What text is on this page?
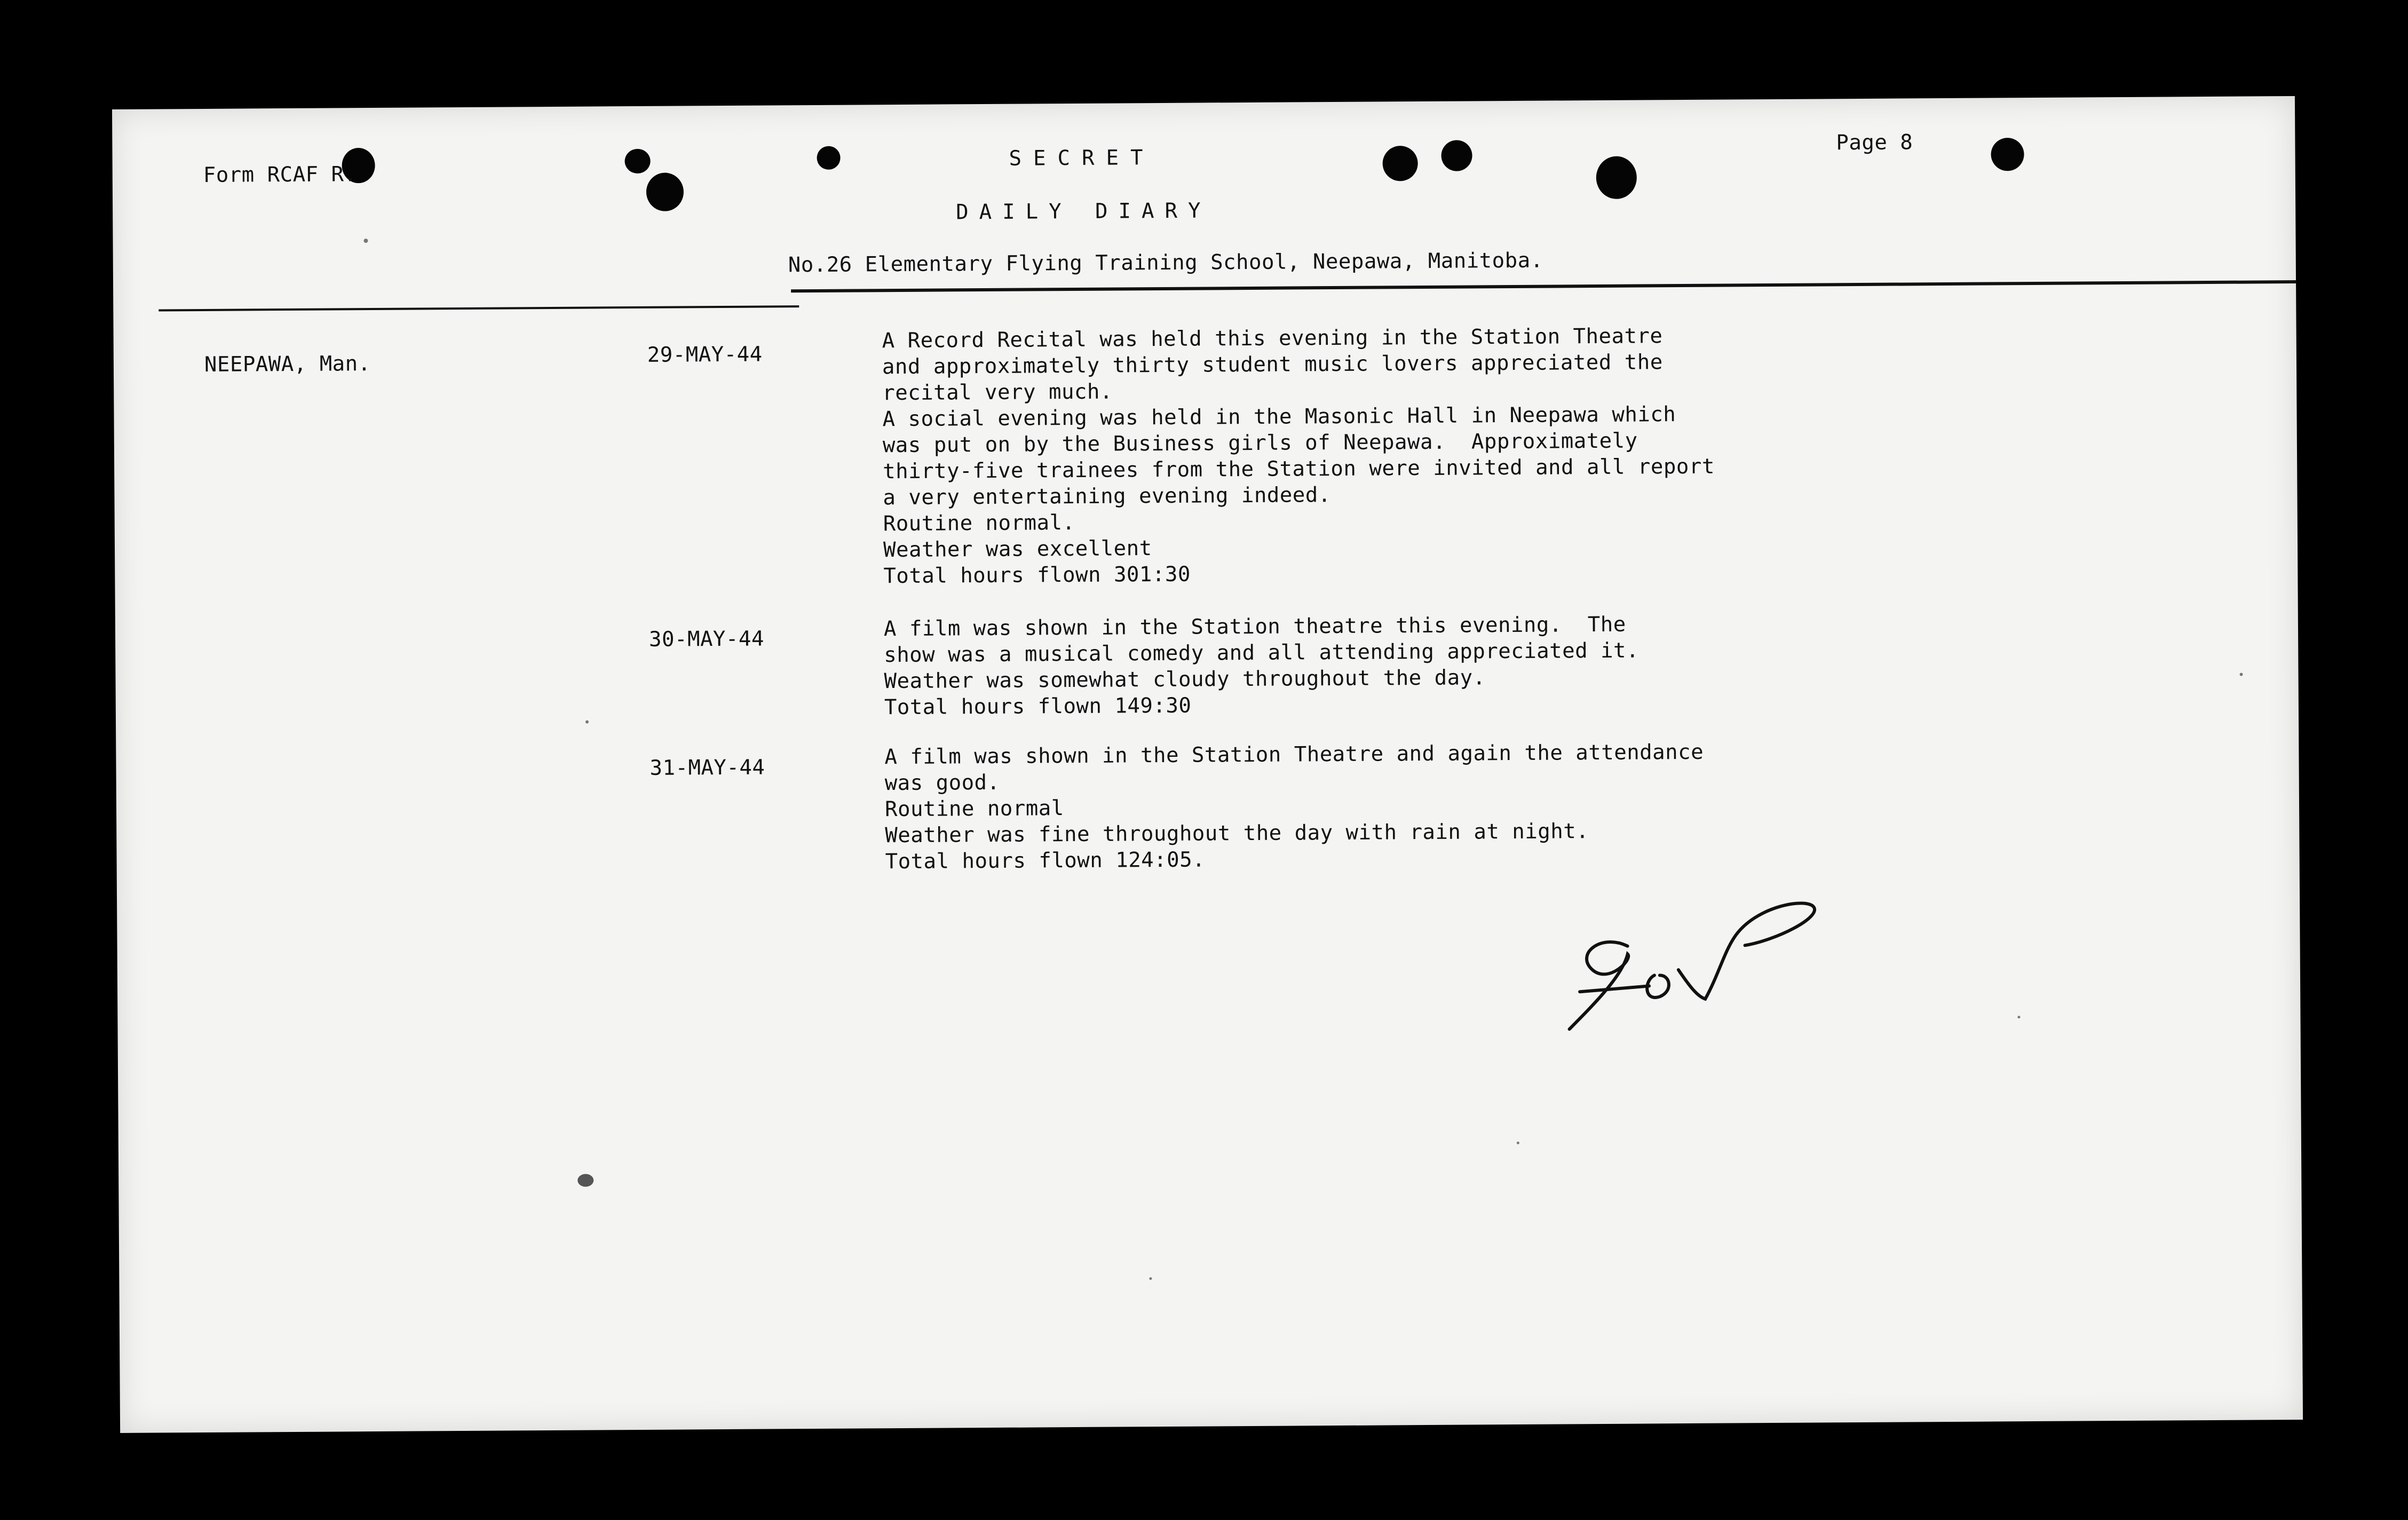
Form RCAF R.
SECRET
Page 8
DAILY DIARY
No.26 Elementary Flying Training School, Neepawa, Manitoba.
NEEPAWA, Man.	29-MAY-44
A Record Recital was held this evening in the Station Theatre
and approximately thirty student music lovers appreciated the
recital very much.
A social evening was held in the Masonic Hall in Neepawa which
was put on by the Business girls of Neepawa.  Approximately
thirty-five trainees from the Station were invited and all report
a very entertaining evening indeed.
Routine normal.
Weather was excellent
Total hours flown 301:30
30-MAY-44	A film was shown in the Station theatre this evening.  The
show was a musical comedy and all attending appreciated it.
Weather was somewhat cloudy throughout the day.
Total hours flown 149:30
31-MAY-44	A film was shown in the Station Theatre and again the attendance
was good.
Routine normal
Weather was fine throughout the day with rain at night.
Total hours flown 124:05.
